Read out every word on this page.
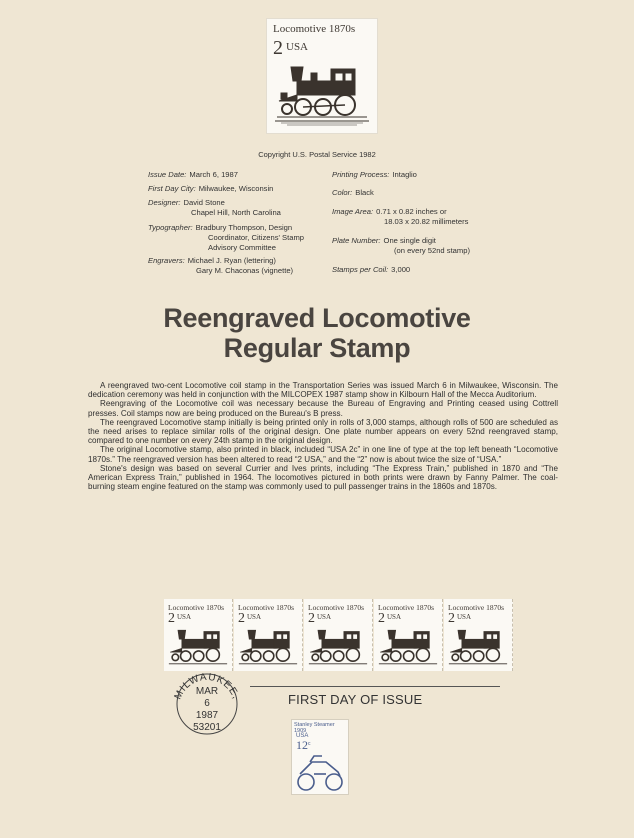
Locomotive 1870s
2 USA
Copyright U.S. Postal Service 1982
Issue Date: March 6, 1987
First Day City: Milwaukee, Wisconsin
Designer: David Stone
Chapel Hill, North Carolina
Typographer: Bradbury Thompson, Design
Coordinator, Citizens' Stamp
Advisory Committee
Engravers: Michael J. Ryan (lettering)
Gary M. Chaconas (vignette)
Printing Process: Intaglio
Color: Black
Image Area: 0.71 x 0.82 inches or
18.03 x 20.82 millimeters
Plate Number: One single digit
(on every 52nd stamp)
Stamps per Coil: 3,000
Reengraved Locomotive
Regular Stamp

A reengraved two-cent Locomotive coil stamp in the Transportation Series was issued March 6 in Milwaukee, Wisconsin. The dedication ceremony was held in conjunction with the MILCOPEX 1987 stamp show in Kilbourn Hall of the Mecca Auditorium.

Reengraving of the Locomotive coil was necessary because the Bureau of Engraving and Printing ceased using Cottrell presses. Coil stamps now are being produced on the Bureau's B press.

The reengraved Locomotive stamp initially is being printed only in rolls of 3,000 stamps, although rolls of 500 are scheduled as the need arises to replace similar rolls of the original design. One plate number appears on every 52nd reengraved stamp, compared to one number on every 24th stamp in the original design.

The original Locomotive stamp, also printed in black, included “USA 2c” in one line of type at the top left beneath “Locomotive 1870s.” The reengraved version has been altered to read “2 USA,” and the “2” now is about twice the size of “USA.”

Stone's design was based on several Currier and Ives prints, including “The Express Train,” published in 1870 and “The American Express Train,” published in 1964. The locomotives pictured in both prints were drawn by Fanny Palmer. The coal-burning steam engine featured on the stamp was commonly used to pull passenger trains in the 1860s and 1870s.

Locomotive 1870s
2 USA
Locomotive 1870s
2 USA
Locomotive 1870s
2 USA
Locomotive 1870s
2 USA
Locomotive 1870s
2 USA
MILWAUKEE,
MAR
6
1987
53201
FIRST DAY OF ISSUE
Stanley Steamer 1909
USA
12 c
